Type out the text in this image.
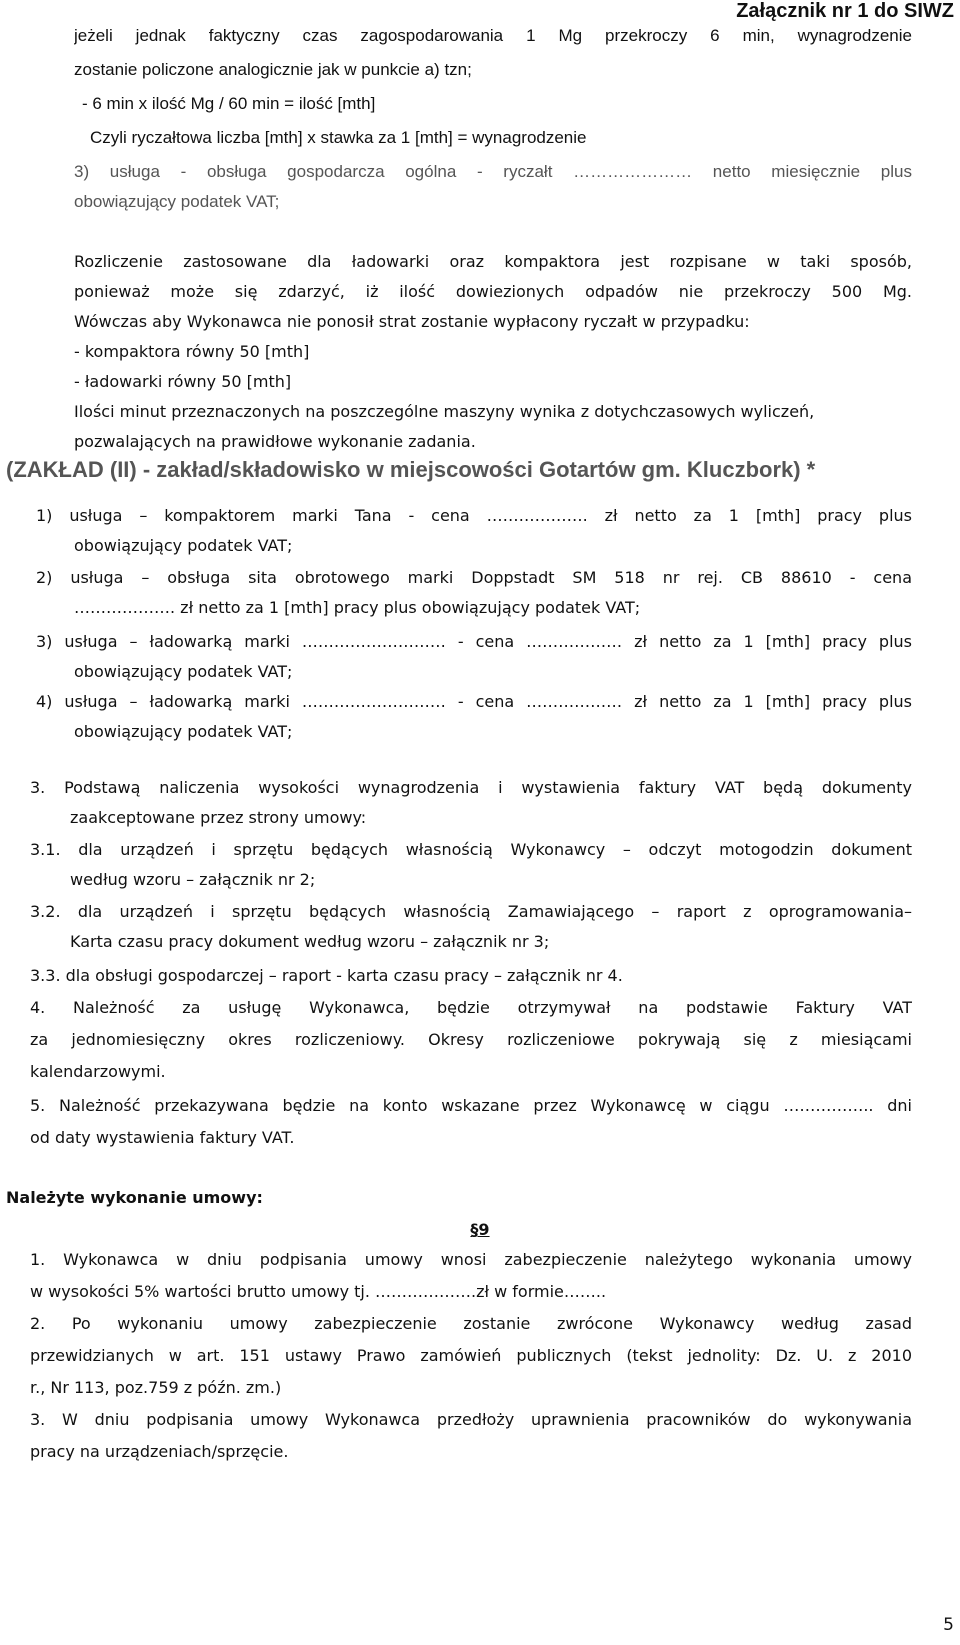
Załącznik nr 1 do SIWZ
jeżeli jednak faktyczny czas zagospodarowania 1 Mg przekroczy 6 min, wynagrodzenie
zostanie policzone analogicznie jak w punkcie a) tzn;
- 6 min x ilość Mg / 60 min = ilość [mth]
Czyli ryczałtowa liczba [mth] x stawka za 1 [mth] = wynagrodzenie
3) usługa - obsługa gospodarcza ogólna - ryczałt ………………… netto miesięcznie plus
obowiązujący podatek VAT;
Rozliczenie zastosowane dla ładowarki oraz kompaktora jest rozpisane w taki sposób,
ponieważ może się zdarzyć, iż ilość dowiezionych odpadów nie przekroczy 500 Mg.
Wówczas aby Wykonawca nie ponosił strat zostanie wypłacony ryczałt w przypadku:
- kompaktora równy 50 [mth]
- ładowarki równy 50 [mth]
Ilości minut przeznaczonych na poszczególne maszyny wynika z dotychczasowych wyliczeń,
pozwalających na prawidłowe wykonanie zadania.
(ZAKŁAD (II) - zakład/składowisko w miejscowości Gotartów gm. Kluczbork) *
1) usługa – kompaktorem marki Tana - cena ………………. zł netto za 1 [mth] pracy plus
obowiązujący podatek VAT;
2) usługa – obsługa sita obrotowego marki Doppstadt SM 518 nr rej. CB 88610 - cena
………………. zł netto za 1 [mth] pracy plus obowiązujący podatek VAT;
3) usługa – ładowarką marki ……………………… - cena ……………… zł netto za 1 [mth] pracy plus
obowiązujący podatek VAT;
4) usługa – ładowarką marki ……………………… - cena ……………… zł netto za 1 [mth] pracy plus
obowiązujący podatek VAT;
3. Podstawą naliczenia wysokości wynagrodzenia i wystawienia faktury VAT będą dokumenty
zaakceptowane przez strony umowy:
3.1. dla urządzeń i sprzętu będących własnością Wykonawcy – odczyt motogodzin dokument
według wzoru – załącznik nr 2;
3.2. dla urządzeń i sprzętu będących własnością Zamawiającego – raport z oprogramowania–
Karta czasu pracy dokument według wzoru – załącznik nr 3;
3.3. dla obsługi gospodarczej – raport - karta czasu pracy – załącznik nr 4.
4. Należność za usługę Wykonawca, będzie otrzymywał na podstawie Faktury VAT
za jednomiesięczny okres rozliczeniowy. Okresy rozliczeniowe pokrywają się z miesiącami
kalendarzowymi.
5. Należność przekazywana będzie na konto wskazane przez Wykonawcę w ciągu …………….. dni
od daty wystawienia faktury VAT.
Należyte wykonanie umowy:
§9
1. Wykonawca w dniu podpisania umowy wnosi zabezpieczenie należytego wykonania umowy
w wysokości 5% wartości brutto umowy tj. ……………….zł w formie……..
2. Po wykonaniu umowy zabezpieczenie zostanie zwrócone Wykonawcy według zasad
przewidzianych w art. 151 ustawy Prawo zamówień publicznych (tekst jednolity: Dz. U. z 2010
r., Nr 113, poz.759 z późn. zm.)
3. W dniu podpisania umowy Wykonawca przedłoży uprawnienia pracowników do wykonywania
pracy na urządzeniach/sprzęcie.
5
